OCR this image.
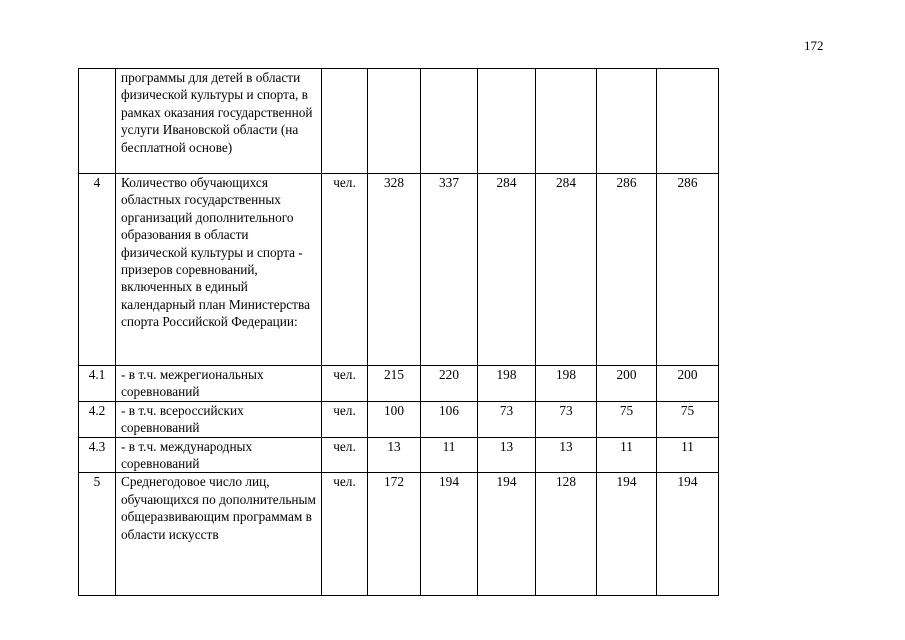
172
	программы для детей в области физической культуры и спорта, в рамках оказания государственной услуги Ивановской области (на бесплатной основе)							
4	Количество обучающихся областных государственных организаций дополнительного образования в области физической культуры и спорта - призеров соревнований, включенных в единый календарный план Министерства спорта Российской Федерации:	чел.	328	337	284	284	286	286
4.1	- в т.ч. межрегиональных соревнований	чел.	215	220	198	198	200	200
4.2	- в т.ч. всероссийских соревнований	чел.	100	106	73	73	75	75
4.3	- в т.ч. международных соревнований	чел.	13	11	13	13	11	11
5	Среднегодовое число лиц, обучающихся по дополнительным общеразвивающим программам в области искусств	чел.	172	194	194	128	194	194
